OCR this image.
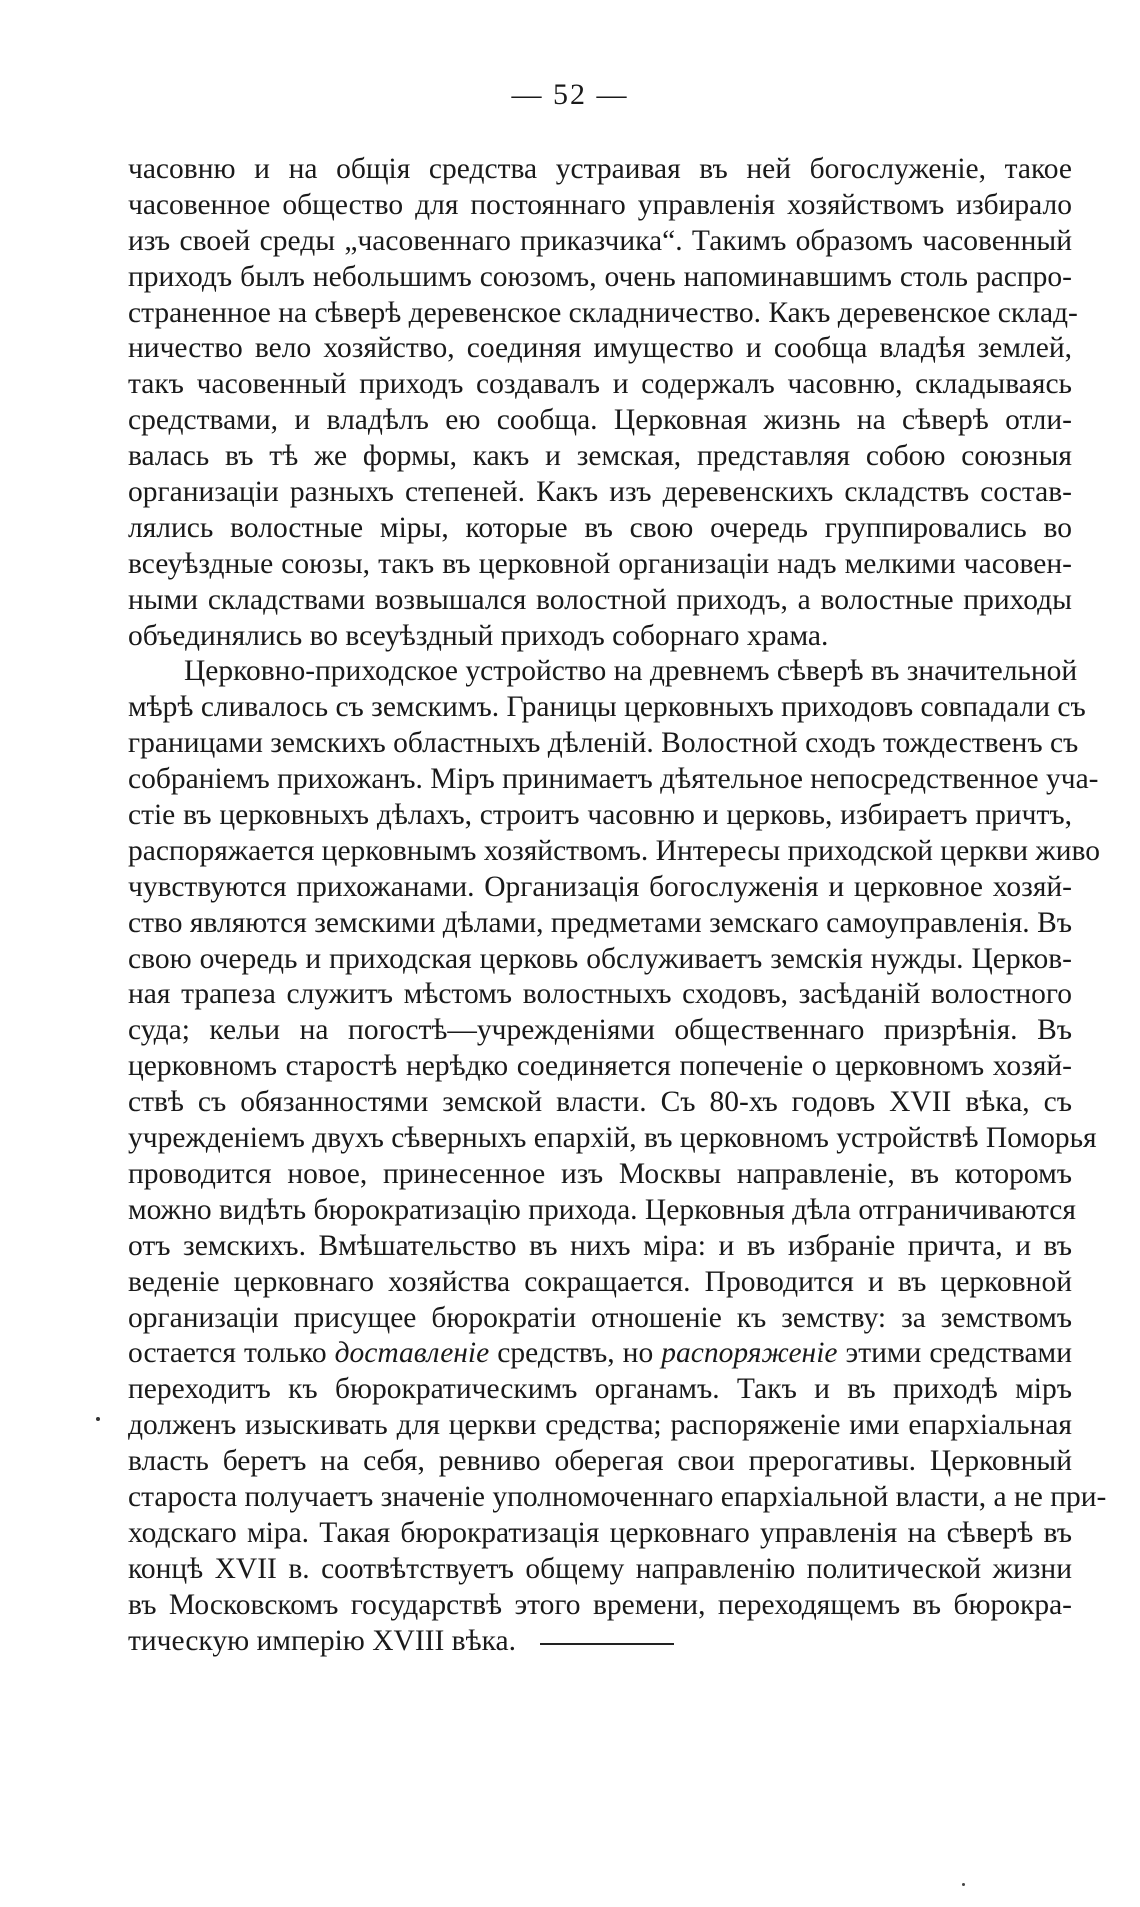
— 52 —
часовню и на общія средства устраивая въ ней богослуженіе, такое
часовенное общество для постояннаго управленія хозяйствомъ избирало
изъ своей среды „часовеннаго приказчика“. Такимъ образомъ часовенный
приходъ былъ небольшимъ союзомъ, очень напоминавшимъ столь распро-
страненное на сѣверѣ деревенское складничество. Какъ деревенское склад-
ничество вело хозяйство, соединяя имущество и сообща владѣя землей,
такъ часовенный приходъ создавалъ и содержалъ часовню, складываясь
средствами, и владѣлъ ею сообща. Церковная жизнь на сѣверѣ отли-
валась въ тѣ же формы, какъ и земская, представляя собою союзныя
организаціи разныхъ степеней. Какъ изъ деревенскихъ складствъ состав-
лялись волостные міры, которые въ свою очередь группировались во
всеуѣздные союзы, такъ въ церковной организаціи надъ мелкими часовен-
ными складствами возвышался волостной приходъ, а волостные приходы
объединялись во всеуѣздный приходъ соборнаго храма.
Церковно-приходское устройство на древнемъ сѣверѣ въ значительной
мѣрѣ сливалось съ земскимъ. Границы церковныхъ приходовъ совпадали съ
границами земскихъ областныхъ дѣленій. Волостной сходъ тождественъ съ
собраніемъ прихожанъ. Міръ принимаетъ дѣятельное непосредственное уча-
стіе въ церковныхъ дѣлахъ, строитъ часовню и церковь, избираетъ причтъ,
распоряжается церковнымъ хозяйствомъ. Интересы приходской церкви живо
чувствуются прихожанами. Организація богослуженія и церковное хозяй-
ство являются земскими дѣлами, предметами земскаго самоуправленія. Въ
свою очередь и приходская церковь обслуживаетъ земскія нужды. Церков-
ная трапеза служитъ мѣстомъ волостныхъ сходовъ, засѣданій волостного
суда; кельи на погостѣ—учрежденіями общественнаго призрѣнія. Въ
церковномъ старостѣ нерѣдко соединяется попеченіе о церковномъ хозяй-
ствѣ съ обязанностями земской власти. Съ 80-хъ годовъ XVII вѣка, съ
учрежденіемъ двухъ сѣверныхъ епархій, въ церковномъ устройствѣ Поморья
проводится новое, принесенное изъ Москвы направленіе, въ которомъ
можно видѣть бюрократизацію прихода. Церковныя дѣла отграничиваются
отъ земскихъ. Вмѣшательство въ нихъ міра: и въ избраніе причта, и въ
веденіе церковнаго хозяйства сокращается. Проводится и въ церковной
организаціи присущее бюрократіи отношеніе къ земству: за земствомъ
остается только доставленіе средствъ, но распоряженіе этими средствами
переходитъ къ бюрократическимъ органамъ. Такъ и въ приходѣ міръ
долженъ изыскивать для церкви средства; распоряженіе ими епархіальная
власть беретъ на себя, ревниво оберегая свои прерогативы. Церковный
староста получаетъ значеніе уполномоченнаго епархіальной власти, а не при-
ходскаго міра. Такая бюрократизація церковнаго управленія на сѣверѣ въ
концѣ XVII в. соотвѣтствуетъ общему направленію политической жизни
въ Московскомъ государствѣ этого времени, переходящемъ въ бюрокра-
тическую имперію XVIII вѣка.
